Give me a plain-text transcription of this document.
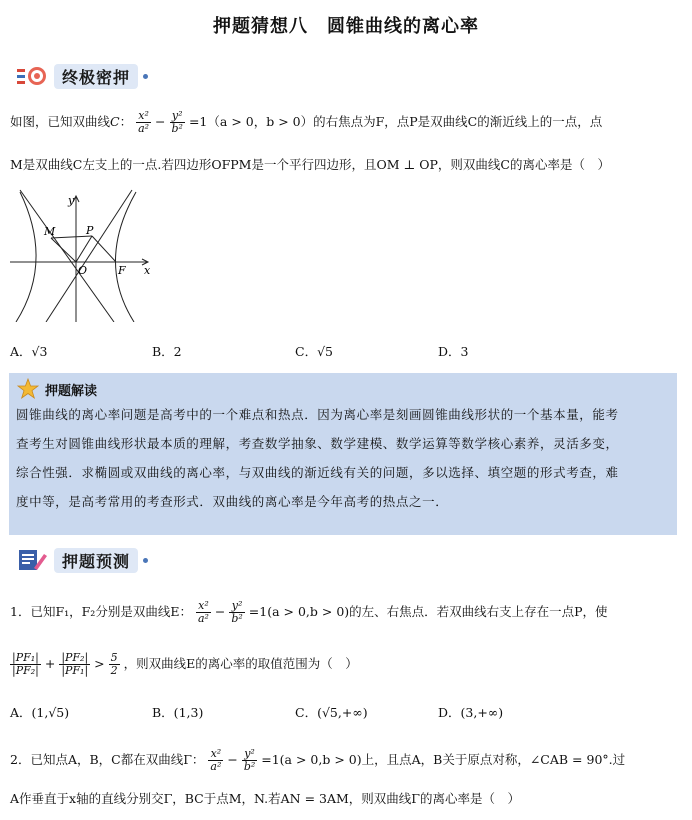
押题猜想八　圆锥曲线的离心率
终极密押
如图，已知双曲线C： $\frac{\text{x²}}{\text{a²}} - \frac{\text{y²}}{\text{b²}} =1(a > 0$，b > 0）的右焦点为F，点P是双曲线C的渐近线上的一点，点
M是双曲线C左支上的一点.若四边形OFPM是一个平行四边形，且OM ⊥ OP，则双曲线C的离心率是（　）
y
x
M	P
O	F
A．√3	B．2	C．√5	D．3
押题解读
圆锥曲线的离心率问题是高考中的一个难点和热点．因为离心率是刻画圆锥曲线形状的一个基本量，能考
查考生对圆锥曲线形状最本质的理解，考查数学抽象、数学建模、数学运算等数学核心素养，灵活多变，
综合性强．求椭圆或双曲线的离心率，与双曲线的渐近线有关的问题，多以选择、填空题的形式考查，难
度中等，是高考常用的考查形式．双曲线的离心率是今年高考的热点之一．
押题预测
1．已知F₁，F₂分别是双曲线E： $\frac{\text{x²}}{\text{a²}} - \frac{\text{y²}}{\text{b²}} =1(a > 0,b > 0)$的左、右焦点．若双曲线右支上存在一点P，使
$\frac{\text{|PF₁|}}{\text{|PF₂|}} + \frac{\text{|PF₂|}}{\text{|PF₁|}} > \frac{5}{2}$ ，则双曲线E的离心率的取值范围为（　）
A．(1,√5)	B．(1,3)	C．(√5,+∞)	D．(3,+∞)
2．已知点A，B，C都在双曲线Γ： $\frac{\text{x²}}{\text{a²}} - \frac{\text{y²}}{\text{b²}} =1(a > 0,b > 0)$上，且点A，B关于原点对称，∠CAB = 90°.过
A作垂直于x轴的直线分别交Γ，BC于点M，N.若AN = 3AM，则双曲线Γ的离心率是（　）
